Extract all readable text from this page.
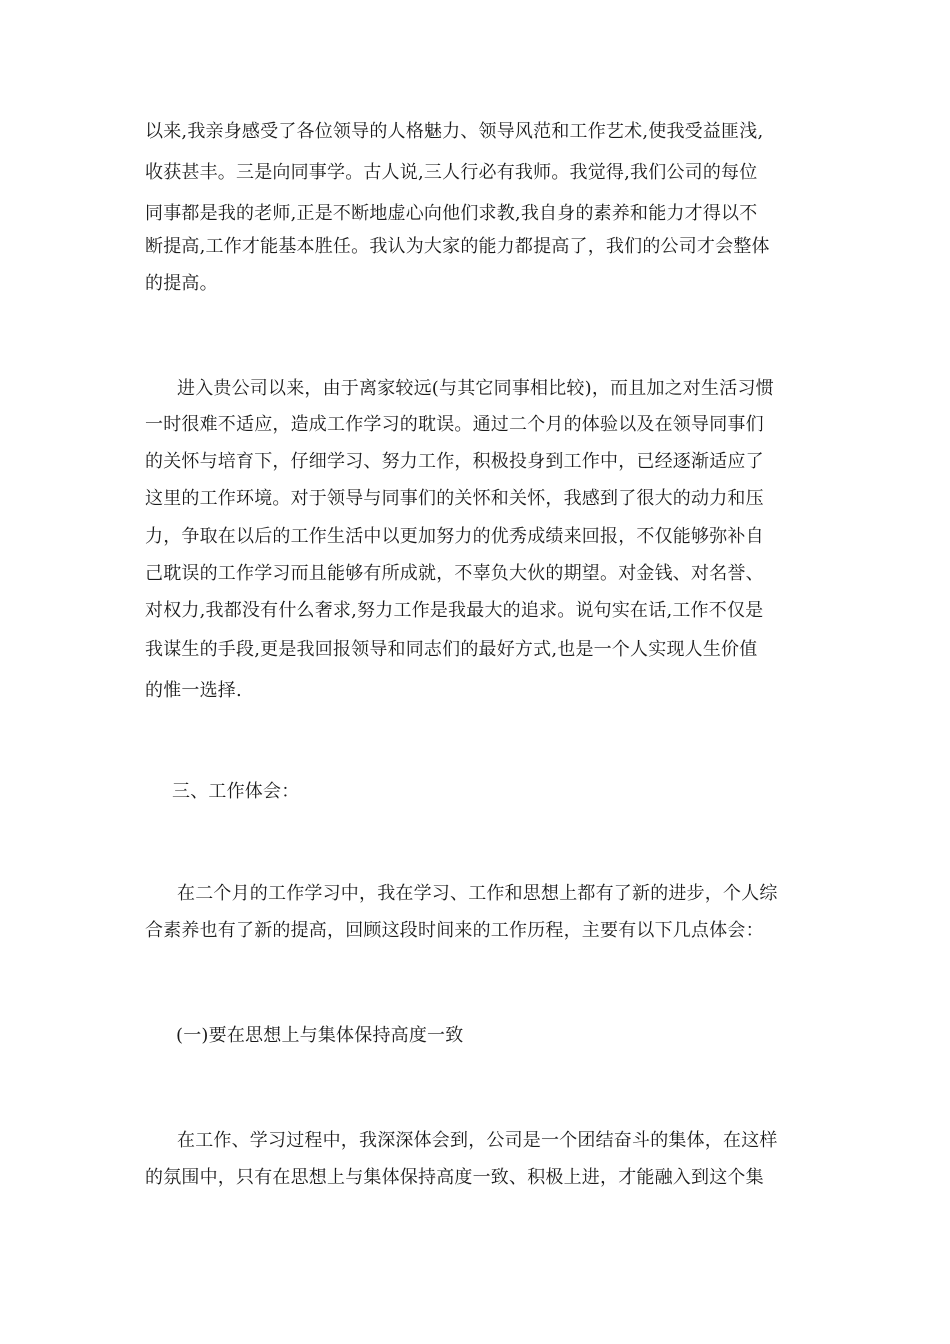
以来,我亲身感受了各位领导的人格魅力、领导风范和工作艺术,使我受益匪浅,

收获甚丰。三是向同事学。古人说,三人行必有我师。我觉得,我们公司的每位

同事都是我的老师,正是不断地虚心向他们求教,我自身的素养和能力才得以不

断提高,工作才能基本胜任。我认为大家的能力都提高了，我们的公司才会整体

的提高。

进入贵公司以来，由于离家较远(与其它同事相比较)，而且加之对生活习惯

一时很难不适应，造成工作学习的耽误。通过二个月的体验以及在领导同事们

的关怀与培育下，仔细学习、努力工作，积极投身到工作中，已经逐渐适应了

这里的工作环境。对于领导与同事们的关怀和关怀，我感到了很大的动力和压

力，争取在以后的工作生活中以更加努力的优秀成绩来回报，不仅能够弥补自

己耽误的工作学习而且能够有所成就，不辜负大伙的期望。对金钱、对名誉、

对权力,我都没有什么奢求,努力工作是我最大的追求。说句实在话,工作不仅是

我谋生的手段,更是我回报领导和同志们的最好方式,也是一个人实现人生价值

的惟一选择.

三、工作体会：

在二个月的工作学习中，我在学习、工作和思想上都有了新的进步，个人综

合素养也有了新的提高，回顾这段时间来的工作历程，主要有以下几点体会：

(一)要在思想上与集体保持高度一致

在工作、学习过程中，我深深体会到，公司是一个团结奋斗的集体，在这样

的氛围中，只有在思想上与集体保持高度一致、积极上进，才能融入到这个集
